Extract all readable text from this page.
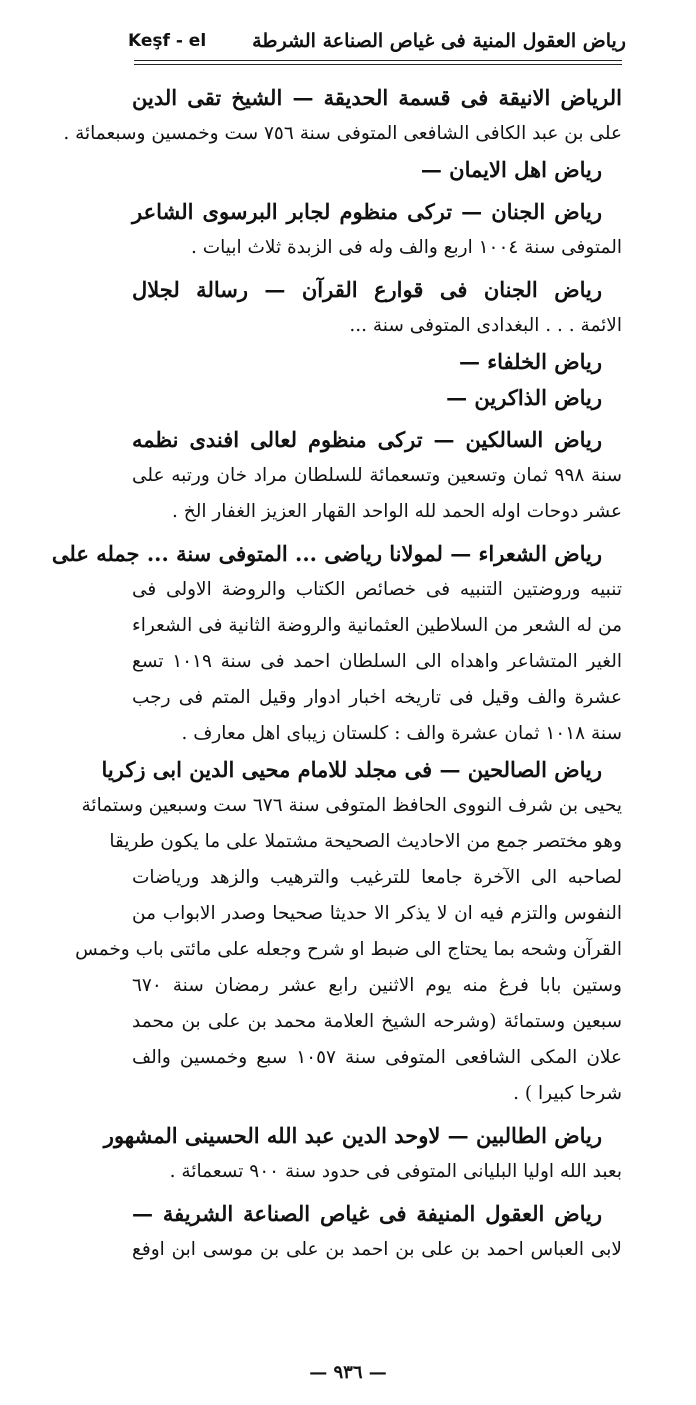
Keşf - el رياض العقول المنية فى غياص الصناعة الشرطة
الرياض الانيقة فى قسمة الحديقة — الشيخ تقى الدين
على بن عبد الكافى الشافعى المتوفى سنة ٧٥٦ ست وخمسين وسبعمائة .
رياض اهل الايمان —
رياض الجنان — تركى منظوم لجابر البرسوى الشاعر
المتوفى سنة ١٠٠٤ اربع والف وله فى الزبدة ثلاث ابيات .
رياض الجنان فى قوارع القرآن — رسالة لجلال
الائمة . . . البغدادى المتوفى سنة ...
رياض الخلفاء —
رياض الذاكرين —
رياض السالكين — تركى منظوم لعالى افندى نظمه
سنة ٩٩٨ ثمان وتسعين وتسعمائة للسلطان مراد خان ورتبه على
عشر دوحات اوله الحمد لله الواحد القهار العزيز الغفار الخ .
رياض الشعراء — لمولانا رياضى ... المتوفى سنة ... جمله على
تنبيه وروضتين التنبيه فى خصائص الكتاب والروضة الاولى فى
من له الشعر من السلاطين العثمانية والروضة الثانية فى الشعراء
الغير المتشاعر واهداه الى السلطان احمد فى سنة ١٠١٩ تسع
عشرة والف وقيل فى تاريخه اخبار ادوار وقيل المتم فى رجب
سنة ١٠١٨ ثمان عشرة والف : كلستان زيباى اهل معارف .
رياض الصالحين — فى مجلد للامام محيى الدين ابى زكريا
يحيى بن شرف النووى الحافظ المتوفى سنة ٦٧٦ ست وسبعين وستمائة
وهو مختصر جمع من الاحاديث الصحيحة مشتملا على ما يكون طريقا
لصاحبه الى الآخرة جامعا للترغيب والترهيب والزهد ورياضات
النفوس والتزم فيه ان لا يذكر الا حديثا صحيحا وصدر الابواب من
القرآن وشحه بما يحتاج الى ضبط او شرح وجعله على مائتى باب وخمس
وستين بابا فرغ منه يوم الاثنين رابع عشر رمضان سنة ٦٧٠
سبعين وستمائة (وشرحه الشيخ العلامة محمد بن على بن محمد
علان المكى الشافعى المتوفى سنة ١٠٥٧ سبع وخمسين والف
شرحا كبيرا ) .
رياض الطالبين — لاوحد الدين عبد الله الحسينى المشهور
بعبد الله اوليا البليانى المتوفى فى حدود سنة ٩٠٠ تسعمائة .
رياض العقول المنيفة فى غياص الصناعة الشريفة —
لابى العباس احمد بن على بن احمد بن على بن موسى ابن اوفع
— ٩٣٦ —
